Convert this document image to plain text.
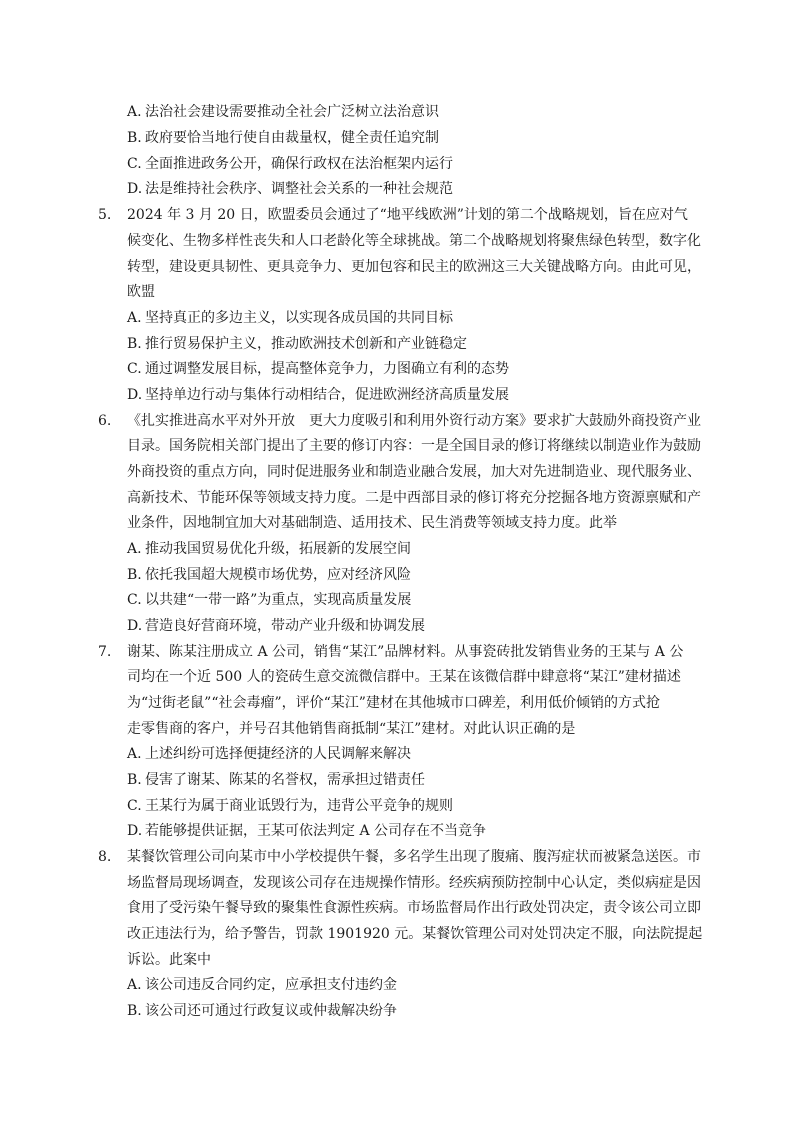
A. 法治社会建设需要推动全社会广泛树立法治意识
B. 政府要恰当地行使自由裁量权，健全责任追究制
C. 全面推进政务公开，确保行政权在法治框架内运行
D. 法是维持社会秩序、调整社会关系的一种社会规范
5. 2024 年 3 月 20 日，欧盟委员会通过了“地平线欧洲”计划的第二个战略规划，旨在应对气
候变化、生物多样性丧失和人口老龄化等全球挑战。第二个战略规划将聚焦绿色转型，数字化
转型，建设更具韧性、更具竞争力、更加包容和民主的欧洲这三大关键战略方向。由此可见，
欧盟
A. 坚持真正的多边主义，以实现各成员国的共同目标
B. 推行贸易保护主义，推动欧洲技术创新和产业链稳定
C. 通过调整发展目标，提高整体竞争力，力图确立有利的态势
D. 坚持单边行动与集体行动相结合，促进欧洲经济高质量发展
6. 《扎实推进高水平对外开放　更大力度吸引和利用外资行动方案》要求扩大鼓励外商投资产业
目录。国务院相关部门提出了主要的修订内容：一是全国目录的修订将继续以制造业作为鼓励
外商投资的重点方向，同时促进服务业和制造业融合发展，加大对先进制造业、现代服务业、
高新技术、节能环保等领域支持力度。二是中西部目录的修订将充分挖掘各地方资源禀赋和产
业条件，因地制宜加大对基础制造、适用技术、民生消费等领域支持力度。此举
A. 推动我国贸易优化升级，拓展新的发展空间
B. 依托我国超大规模市场优势，应对经济风险
C. 以共建“一带一路”为重点，实现高质量发展
D. 营造良好营商环境，带动产业升级和协调发展
7. 谢某、陈某注册成立 A 公司，销售“某江”品牌材料。从事瓷砖批发销售业务的王某与 A 公
司均在一个近 500 人的瓷砖生意交流微信群中。王某在该微信群中肆意将“某江”建材描述
为“过街老鼠”“社会毒瘤”，评价“某江”建材在其他城市口碑差，利用低价倾销的方式抢
走零售商的客户，并号召其他销售商抵制“某江”建材。对此认识正确的是
A. 上述纠纷可选择便捷经济的人民调解来解决
B. 侵害了谢某、陈某的名誉权，需承担过错责任
C. 王某行为属于商业诋毁行为，违背公平竞争的规则
D. 若能够提供证据，王某可依法判定 A 公司存在不当竞争
8. 某餐饮管理公司向某市中小学校提供午餐，多名学生出现了腹痛、腹泻症状而被紧急送医。市
场监督局现场调查，发现该公司存在违规操作情形。经疾病预防控制中心认定，类似病症是因
食用了受污染午餐导致的聚集性食源性疾病。市场监督局作出行政处罚决定，责令该公司立即
改正违法行为，给予警告，罚款 1901920 元。某餐饮管理公司对处罚决定不服，向法院提起
诉讼。此案中
A. 该公司违反合同约定，应承担支付违约金
B. 该公司还可通过行政复议或仲裁解决纷争
